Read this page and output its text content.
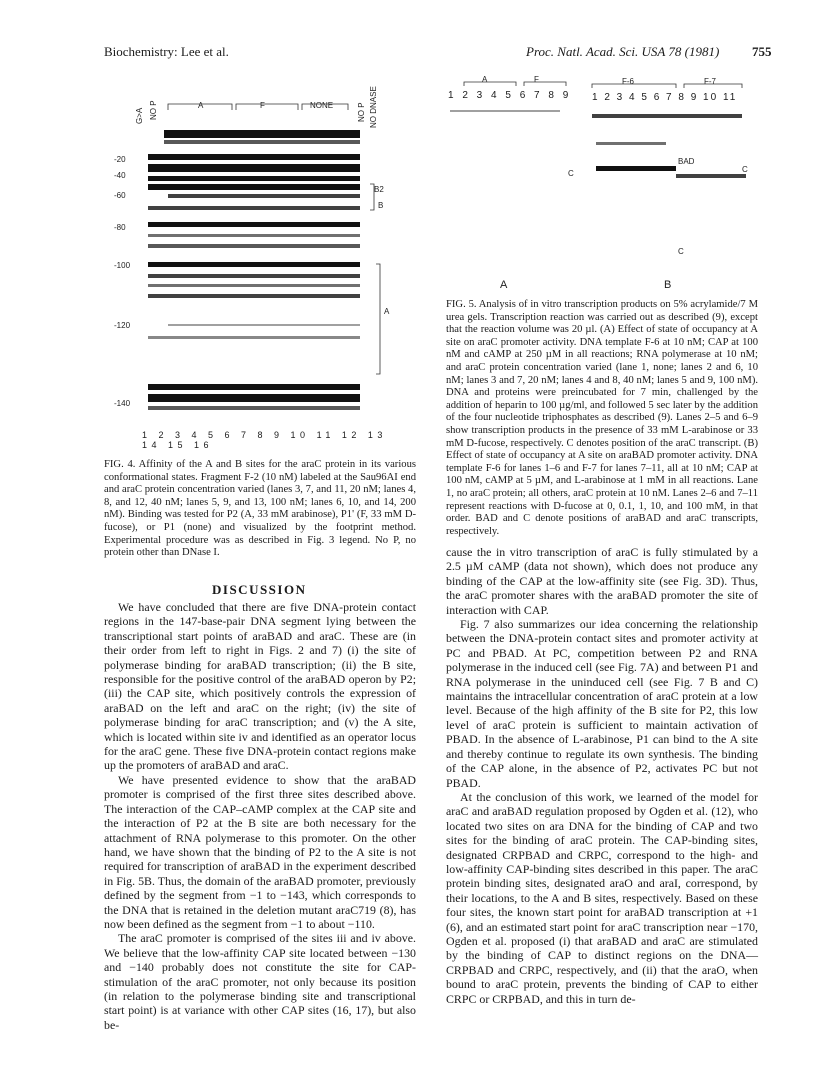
Biochemistry: Lee et al.	Proc. Natl. Acad. Sci. USA 78 (1981)	755
G>A NO P	A	F	NONE	NO P NO DNASE
-20
-40
-60
-80
-100
-120
-140
B2
B
A
1 2 3 4 5 6 7 8 9 10 11 12 13 14 15 16
FIG. 4. Affinity of the A and B sites for the araC protein in its various conformational states. Fragment F-2 (10 nM) labeled at the Sau96AI end and araC protein concentration varied (lanes 3, 7, and 11, 20 nM; lanes 4, 8, and 12, 40 nM; lanes 5, 9, and 13, 100 nM; lanes 6, 10, and 14, 200 nM). Binding was tested for P2 (A, 33 mM arabinose), P1' (F, 33 mM D-fucose), or P1 (none) and visualized by the footprint method. Experimental procedure was as described in Fig. 3 legend. No P, no protein other than DNase I.
A	F	F-6	F-7
C
BAD
C
C
A	B
1 2 3 4 5 6 7 8 9 1 2 3 4 5 6 7 8 9 10 11
FIG. 5. Analysis of in vitro transcription products on 5% acrylamide/7 M urea gels. Transcription reaction was carried out as described (9), except that the reaction volume was 20 µl. (A) Effect of state of occupancy at A site on araC promoter activity. DNA template F-6 at 10 nM; CAP at 100 nM and cAMP at 250 µM in all reactions; RNA polymerase at 10 nM; and araC protein concentration varied (lane 1, none; lanes 2 and 6, 10 nM; lanes 3 and 7, 20 nM; lanes 4 and 8, 40 nM; lanes 5 and 9, 100 nM). DNA and proteins were preincubated for 7 min, challenged by the addition of heparin to 100 µg/ml, and followed 5 sec later by the addition of the four nucleotide triphosphates as described (9). Lanes 2–5 and 6–9 show transcription products in the presence of 33 mM L-arabinose or 33 mM D-fucose, respectively. C denotes position of the araC transcript. (B) Effect of state of occupancy at A site on araBAD promoter activity. DNA template F-6 for lanes 1–6 and F-7 for lanes 7–11, all at 10 nM; CAP at 100 nM, cAMP at 5 µM, and L-arabinose at 1 mM in all reactions. Lane 1, no araC protein; all others, araC protein at 10 nM. Lanes 2–6 and 7–11 represent reactions with D-fucose at 0, 0.1, 1, 10, and 100 mM, in that order. BAD and C denote positions of araBAD and araC transcripts, respectively.
DISCUSSION

We have concluded that there are five DNA-protein contact regions in the 147-base-pair DNA segment lying between the transcriptional start points of araBAD and araC. These are (in their order from left to right in Figs. 2 and 7) (i) the site of polymerase binding for araBAD transcription; (ii) the B site, responsible for the positive control of the araBAD operon by P2; (iii) the CAP site, which positively controls the expression of araBAD on the left and araC on the right; (iv) the site of polymerase binding for araC transcription; and (v) the A site, which is located within site iv and identified as an operator locus for the araC gene. These five DNA-protein contact regions make up the promoters of araBAD and araC.

We have presented evidence to show that the araBAD promoter is comprised of the first three sites described above. The interaction of the CAP–cAMP complex at the CAP site and the interaction of P2 at the B site are both necessary for the attachment of RNA polymerase to this promoter. On the other hand, we have shown that the binding of P2 to the A site is not required for transcription of araBAD in the experiment described in Fig. 5B. Thus, the domain of the araBAD promoter, previously defined by the segment from −1 to −143, which corresponds to the DNA that is retained in the deletion mutant araC719 (8), has now been defined as the segment from −1 to about −110.

The araC promoter is comprised of the sites iii and iv above. We believe that the low-affinity CAP site located between −130 and −140 probably does not constitute the site for CAP-stimulation of the araC promoter, not only because its position (in relation to the polymerase binding site and transcriptional start point) is at variance with other CAP sites (16, 17), but also be-

cause the in vitro transcription of araC is fully stimulated by a 2.5 µM cAMP (data not shown), which does not produce any binding of the CAP at the low-affinity site (see Fig. 3D). Thus, the araC promoter shares with the araBAD promoter the site of interaction with CAP.

Fig. 7 also summarizes our idea concerning the relationship between the DNA-protein contact sites and promoter activity at PC and PBAD. At PC, competition between P2 and RNA polymerase in the induced cell (see Fig. 7A) and between P1 and RNA polymerase in the uninduced cell (see Fig. 7 B and C) maintains the intracellular concentration of araC protein at a low level. Because of the high affinity of the B site for P2, this low level of araC protein is sufficient to maintain activation of PBAD. In the absence of L-arabinose, P1 can bind to the A site and thereby continue to regulate its own synthesis. The binding of the CAP alone, in the absence of P2, activates PC but not PBAD.

At the conclusion of this work, we learned of the model for araC and araBAD regulation proposed by Ogden et al. (12), who located two sites on ara DNA for the binding of CAP and two sites for the binding of araC protein. The CAP-binding sites, designated CRPBAD and CRPC, correspond to the high- and low-affinity CAP-binding sites described in this paper. The araC protein binding sites, designated araO and araI, correspond, by their locations, to the A and B sites, respectively. Based on these four sites, the known start point for araBAD transcription at +1 (6), and an estimated start point for araC transcription near −170, Ogden et al. proposed (i) that araBAD and araC are stimulated by the binding of CAP to distinct regions on the DNA—CRPBAD and CRPC, respectively, and (ii) that the araO, when bound to araC protein, prevents the binding of CAP to either CRPC or CRPBAD, and this in turn de-
